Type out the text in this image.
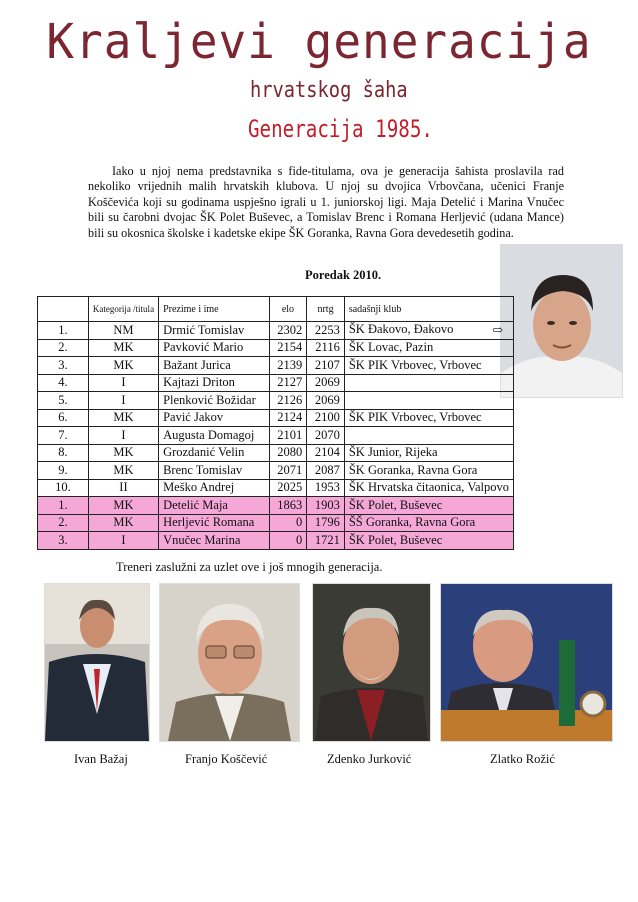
Kraljevi generacija
hrvatskog šaha
Generacija 1985.

Iako u njoj nema predstavnika s fide-titulama, ova je generacija šahista proslavila rad nekoliko vrijednih malih hrvatskih klubova. U njoj su dvojica Vrbovčana, učenici Franje Koščevića koji su godinama uspješno igrali u 1. juniorskoj ligi. Maja Detelić i Marina Vnučec bili su čarobni dvojac ŠK Polet Buševec, a Tomislav Brenc i Romana Herljević (udana Mance) bili su okosnica školske i kadetske ekipe ŠK Goranka, Ravna Gora devedesetih godina.

Poredak 2010.
	Kategorija /titula	Prezime i ime	elo	nrtg	sadašnji klub
1.	NM	Drmić Tomislav	2302	2253	ŠK Đakovo, Đakovo ⇨

2.	MK	Pavković Mario	2154	2116	ŠK Lovac, Pazin
3.	MK	Bažant Jurica	2139	2107	ŠK PIK Vrbovec, Vrbovec
4.	I	Kajtazi Driton	2127	2069	
5.	I	Plenković Božidar	2126	2069	
6.	MK	Pavić Jakov	2124	2100	ŠK PIK Vrbovec, Vrbovec
7.	I	Augusta Domagoj	2101	2070	
8.	MK	Grozdanić Velin	2080	2104	ŠK Junior, Rijeka
9.	MK	Brenc Tomislav	2071	2087	ŠK Goranka, Ravna Gora
10.	II	Meško Andrej	2025	1953	ŠK Hrvatska čitaonica, Valpovo
1.	MK	Detelić Maja	1863	1903	ŠK Polet, Buševec
2.	MK	Herljević Romana	0	1796	ŠŠ Goranka, Ravna Gora
3.	I	Vnučec Marina	0	1721	ŠK Polet, Buševec
Treneri zaslužni za uzlet ove i još mnogih generacija.
Ivan Bažaj	Franjo Koščević	Zdenko Jurković	Zlatko Rožić
